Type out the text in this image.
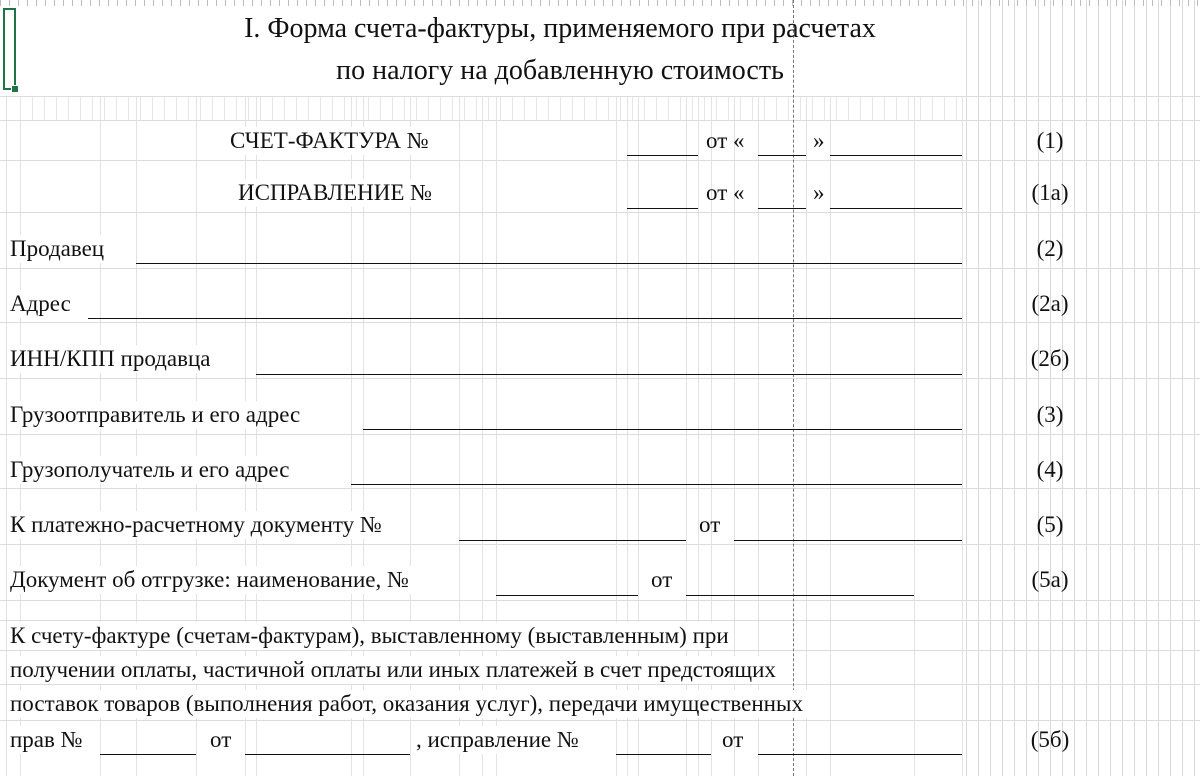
I. Форма счета-фактуры, применяемого при расчетах
по налогу на добавленную стоимость
СЧЕТ-ФАКТУРА №	от «	»	(1)
ИСПРАВЛЕНИЕ №	от «	»	(1а)
Продавец	(2)
Адрес	(2а)
ИНН/КПП продавца	(2б)
Грузоотправитель и его адрес	(3)
Грузополучатель и его адрес	(4)
К платежно-расчетному документу №	от	(5)
Документ об отгрузке: наименование, №	от	(5а)
К счету-фактуре (счетам-фактурам), выставленному (выставленным) при
получении оплаты, частичной оплаты или иных платежей в счет предстоящих
поставок товаров (выполнения работ, оказания услуг), передачи имущественных
прав №	от	, исправление №	от	(5б)
